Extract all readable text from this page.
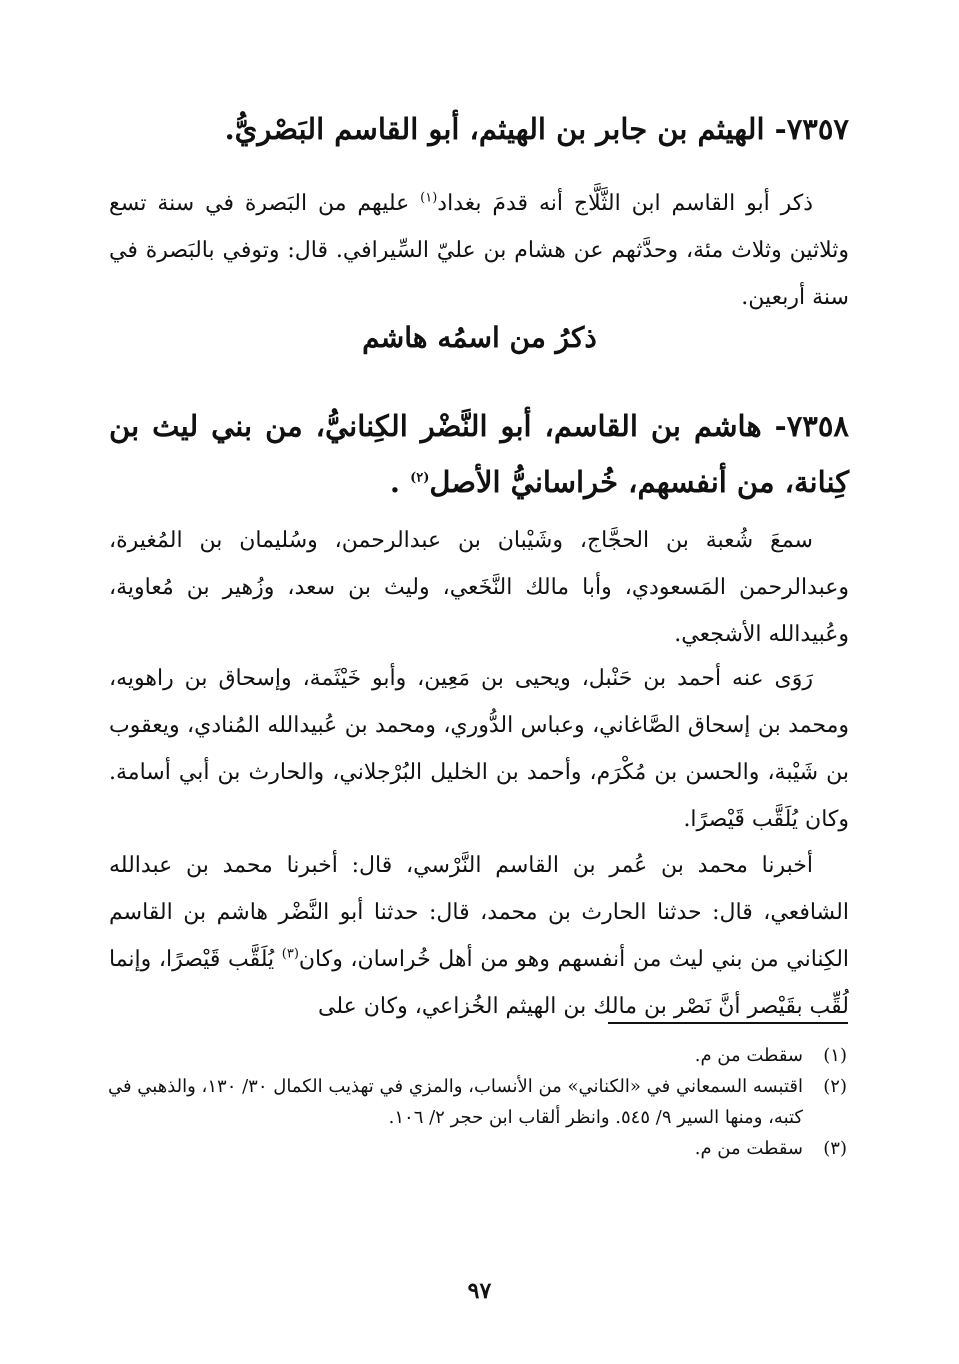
٧٣٥٧- الهيثم بن جابر بن الهيثم، أبو القاسم البَصْريُّ.
ذكر أبو القاسم ابن الثَّلَّاج أنه قدمَ بغداد$^{(١)}$ عليهم من البَصرة في سنة تسع وثلاثين وثلاث مئة، وحدَّثهم عن هشام بن عليّ السِّيرافي. قال: وتوفي بالبَصرة في سنة أربعين.
ذكرُ من اسمُه هاشم
٧٣٥٨- هاشم بن القاسم، أبو النَّضْر الكِنانيُّ، من بني ليث بن كِنانة، من أنفسهم، خُراسانيُّ الأصل$^{(٢)}$ .
سمعَ شُعبة بن الحجَّاج، وشَيْبان بن عبدالرحمن، وسُليمان بن المُغيرة، وعبدالرحمن المَسعودي، وأبا مالك النَّخَعي، وليث بن سعد، وزُهير بن مُعاوية، وعُبيدالله الأشجعي.
رَوَى عنه أحمد بن حَنْبل، ويحيى بن مَعِين، وأبو خَيْثَمة، وإسحاق بن راهويه، ومحمد بن إسحاق الصَّاغاني، وعباس الدُّوري، ومحمد بن عُبيدالله المُنادي، ويعقوب بن شَيْبة، والحسن بن مُكْرَم، وأحمد بن الخليل البُرْجلاني، والحارث بن أبي أسامة. وكان يُلَقَّب قَيْصرًا.
أخبرنا محمد بن عُمر بن القاسم النَّرْسي، قال: أخبرنا محمد بن عبدالله الشافعي، قال: حدثنا الحارث بن محمد، قال: حدثنا أبو النَّضْر هاشم بن القاسم الكِناني من بني ليث من أنفسهم وهو من أهل خُراسان، وكان$^{(٣)}$ يُلَقَّب قَيْصرًا، وإنما لُقِّب بقَيْصر أنَّ نَصْر بن مالك بن الهيثم الخُزاعي، وكان على
(١)
سقطت من م.
(٢)
اقتبسه السمعاني في «الكناني» من الأنساب، والمزي في تهذيب الكمال ٣٠/ ١٣٠، والذهبي في كتبه، ومنها السير ٩/ ٥٤٥. وانظر ألقاب ابن حجر ٢/ ١٠٦.
(٣)
سقطت من م.
٩٧
